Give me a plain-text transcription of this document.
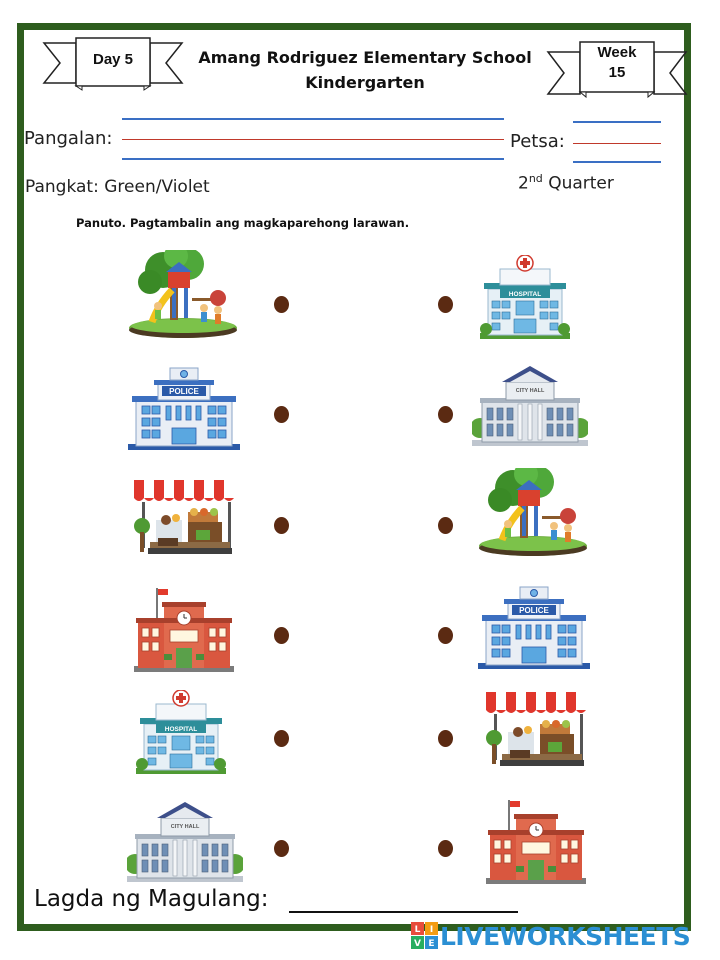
Day 5	Amang Rodriguez Elementary School
Kindergarten
Week
15
Pangalan:	Petsa:
Pangkat: Green/Violet	2nd Quarter
Panuto. Pagtambalin ang magkaparehong larawan.
Lagda ng Magulang:
L I
V E LIVEWORKSHEETS
